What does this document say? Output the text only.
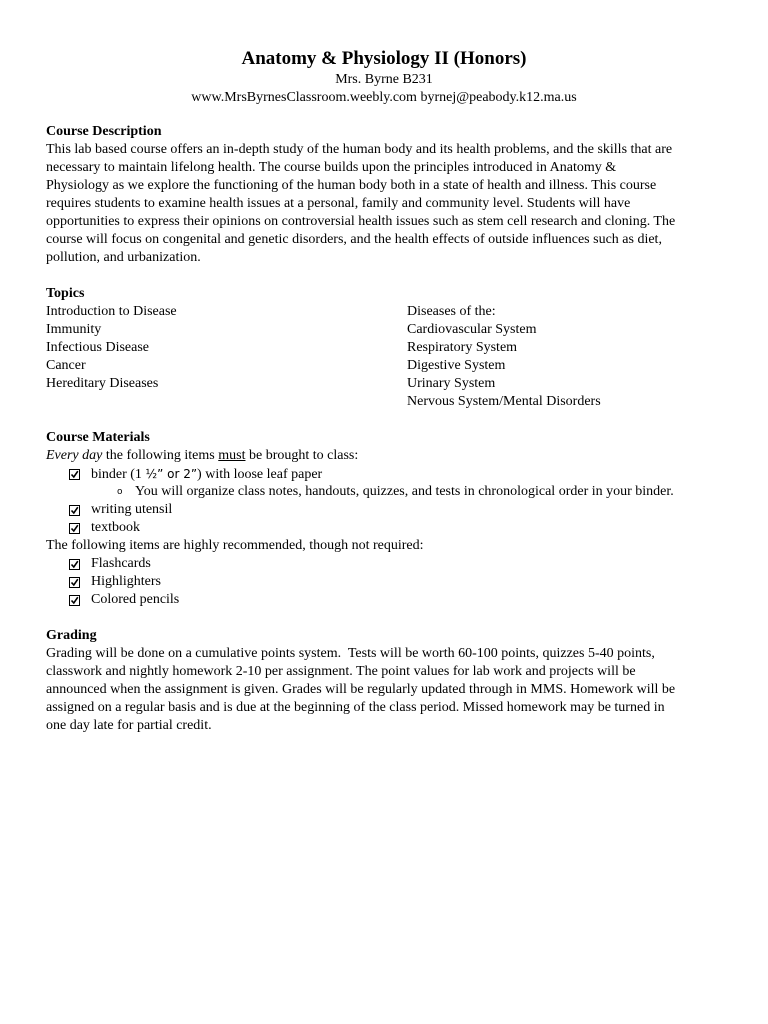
Anatomy & Physiology II (Honors)
Mrs. Byrne B231
www.MrsByrnesClassroom.weebly.com byrnej@peabody.k12.ma.us
Course Description

This lab based course offers an in-depth study of the human body and its health problems, and the skills that are

necessary to maintain lifelong health. The course builds upon the principles introduced in Anatomy &

Physiology as we explore the functioning of the human body both in a state of health and illness. This course

requires students to examine health issues at a personal, family and community level. Students will have

opportunities to express their opinions on controversial health issues such as stem cell research and cloning. The

course will focus on congenital and genetic disorders, and the health effects of outside influences such as diet,

pollution, and urbanization.

Topics
Introduction to Disease
Immunity
Infectious Disease
Cancer
Hereditary Diseases
Diseases of the:
Cardiovascular System
Respiratory System
Digestive System
Urinary System
Nervous System/Mental Disorders
Course Materials
Every day the following items must be brought to class:
binder (1 ½” or 2”) with loose leaf paper
o You will organize class notes, handouts, quizzes, and tests in chronological order in your binder.
writing utensil
textbook
The following items are highly recommended, though not required:
Flashcards
Highlighters
Colored pencils
Grading

Grading will be done on a cumulative points system.  Tests will be worth 60-100 points, quizzes 5-40 points,

classwork and nightly homework 2-10 per assignment. The point values for lab work and projects will be

announced when the assignment is given. Grades will be regularly updated through in MMS. Homework will be

assigned on a regular basis and is due at the beginning of the class period. Missed homework may be turned in

one day late for partial credit.
